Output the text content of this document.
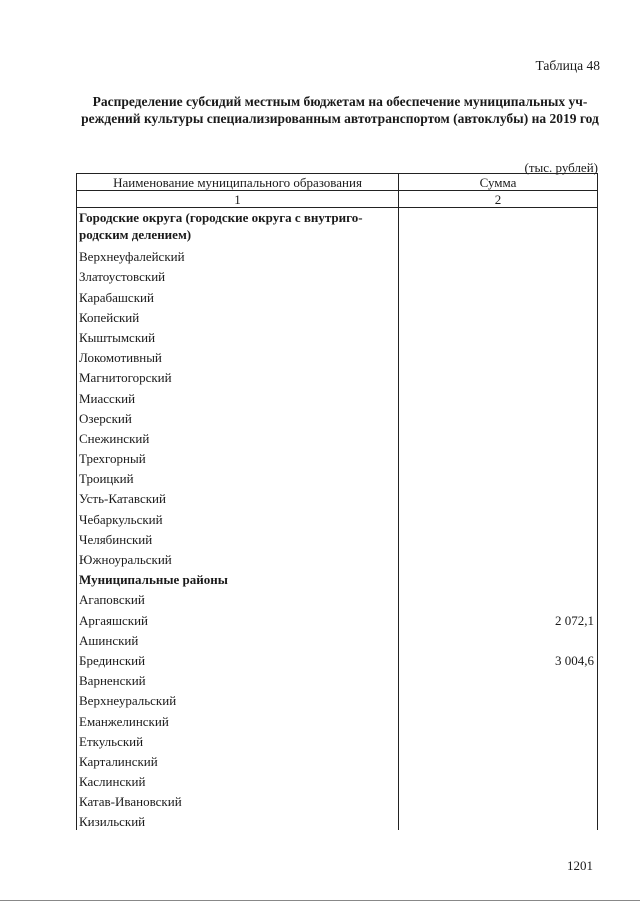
Таблица 48
Распределение субсидий местным бюджетам на обеспечение муниципальных учреждений культуры специализированным автотранспортом (автоклубы) на 2019 год
(тыс. рублей)
Наименование муниципального образования	Сумма
1	2
Городские округа (городские округа с внутригородским делением)	
Верхнеуфалейский	
Златоустовский	
Карабашский	
Копейский	
Кыштымский	
Локомотивный	
Магнитогорский	
Миасский	
Озерский	
Снежинский	
Трехгорный	
Троицкий	
Усть-Катавский	
Чебаркульский	
Челябинский	
Южноуральский	
Муниципальные районы	
Агаповский	
Аргаяшский	2 072,1
Ашинский	
Брединский	3 004,6
Варненский	
Верхнеуральский	
Еманжелинский	
Еткульский	
Карталинский	
Каслинский	
Катав-Ивановский	
Кизильский	
1201
